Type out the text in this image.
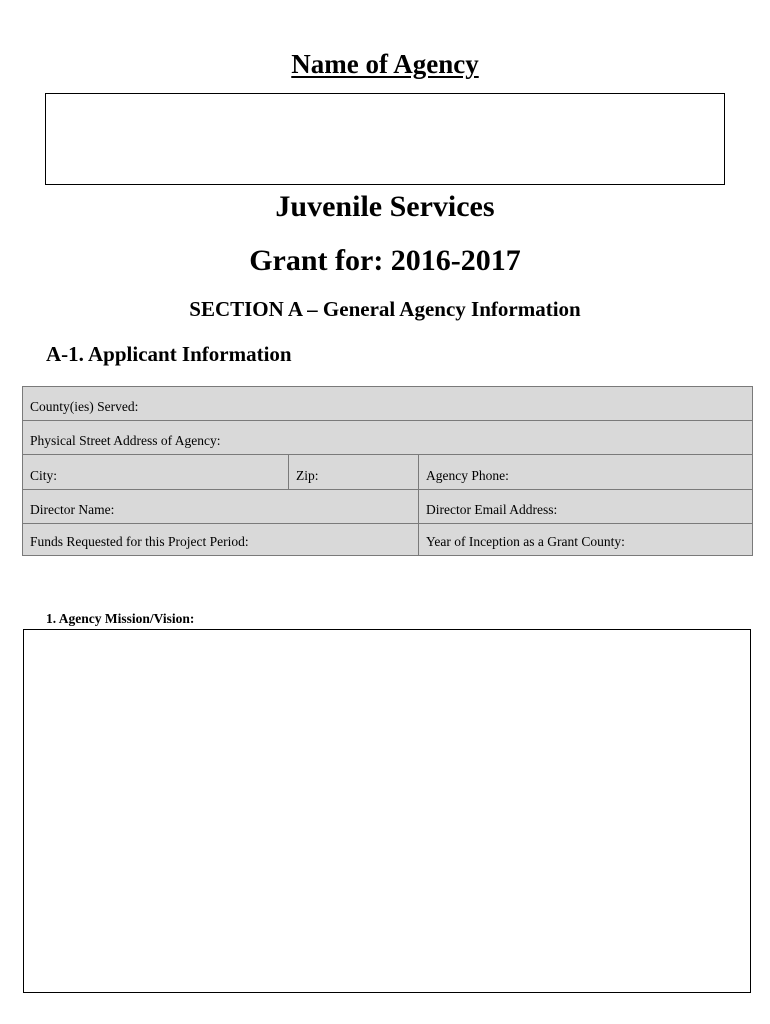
Name of Agency
Juvenile Services
Grant for: 2016-2017
SECTION A – General Agency Information
A-1. Applicant Information
County(ies) Served:
Physical Street Address of Agency:
City:	Zip:	Agency Phone:
Director Name:	Director Email Address:
Funds Requested for this Project Period:	Year of Inception as a Grant County:
1. Agency Mission/Vision:
